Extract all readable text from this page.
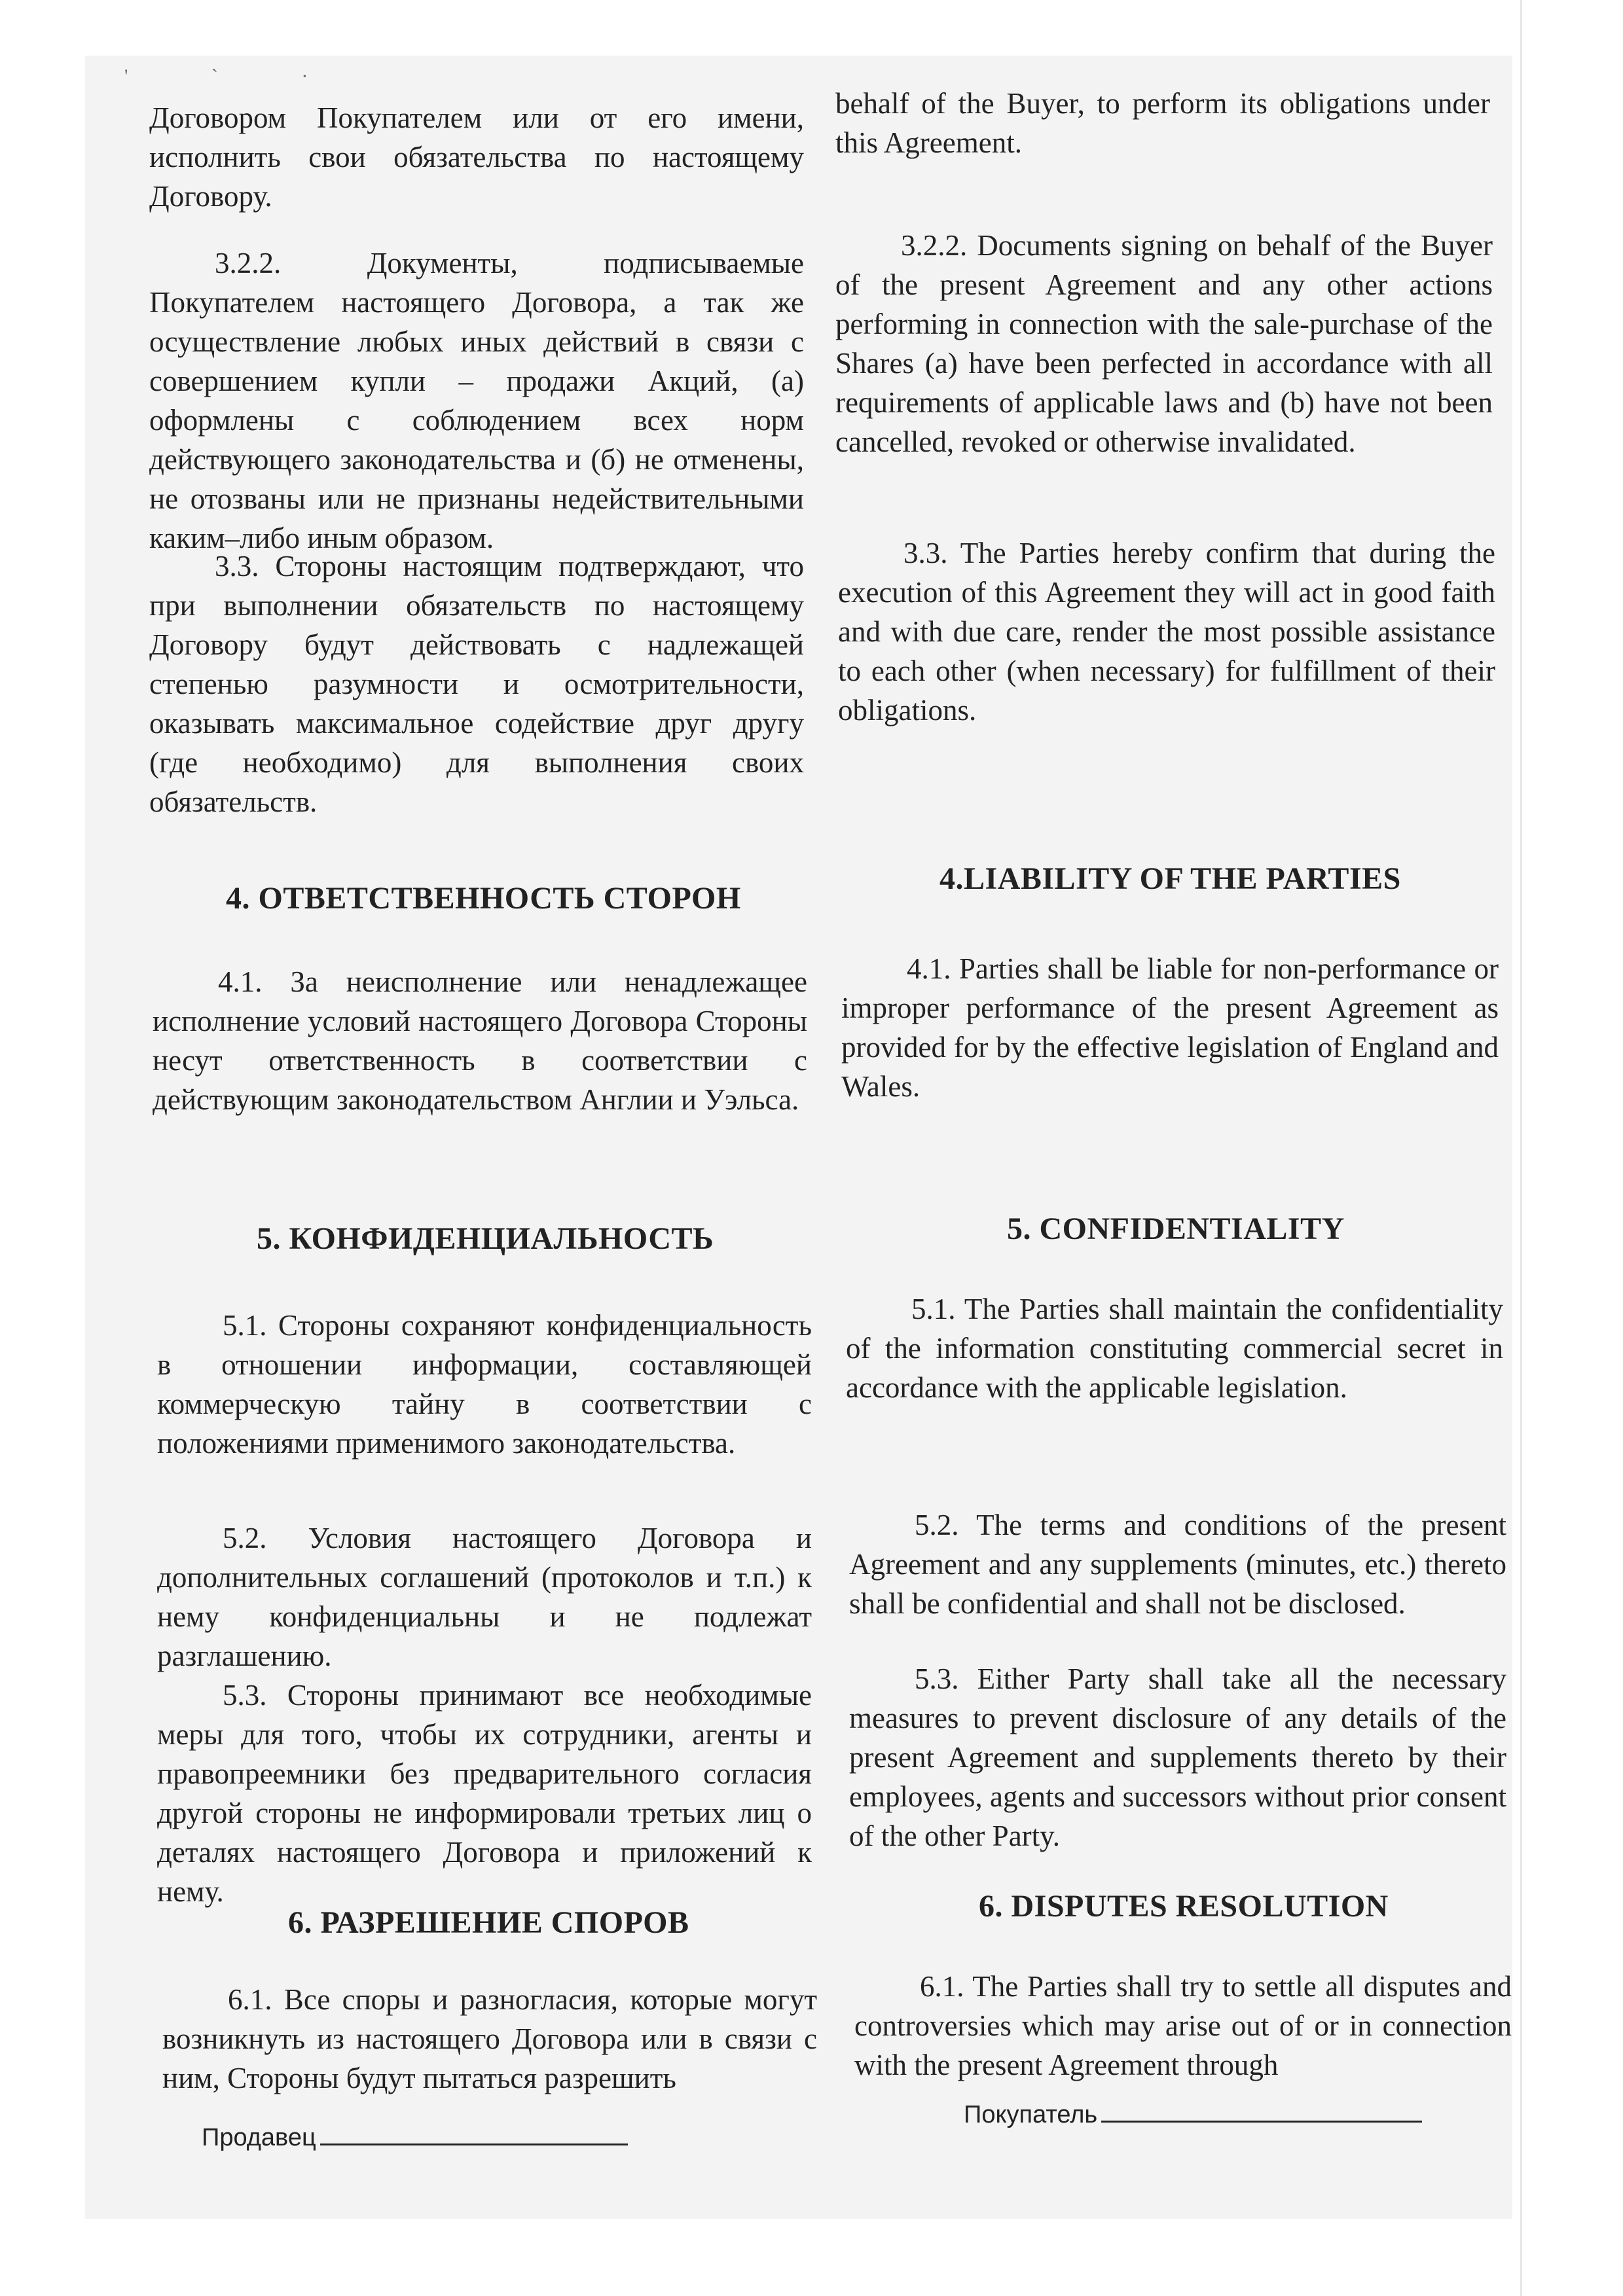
' ` ·

Договором Покупателем или от его имени, исполнить свои обязательства по настоящему Договору.

3.2.2. Документы, подписываемые Покупателем настоящего Договора, а так же осуществление любых иных действий в связи с совершением купли – продажи Акций, (а) оформлены с соблюдением всех норм действующего законодательства и (б) не отменены, не отозваны или не признаны недействительными каким–либо иным образом.

3.3. Стороны настоящим подтверждают, что при выполнении обязательств по настоящему Договору будут действовать с надлежащей степенью разумности и осмотрительности, оказывать максимальное содействие друг другу (где необходимо) для выполнения своих обязательств.

4. ОТВЕТСТВЕННОСТЬ СТОРОН

4.1. За неисполнение или ненадлежащее исполнение условий настоящего Договора Стороны несут ответственность в соответствии с действующим законодательством Англии и Уэльса.

5. КОНФИДЕНЦИАЛЬНОСТЬ

5.1. Стороны сохраняют конфиденциальность в отношении информации, составляющей коммерческую тайну в соответствии с положениями применимого законодательства.

5.2. Условия настоящего Договора и дополнительных соглашений (протоколов и т.п.) к нему конфиденциальны и не подлежат разглашению.

5.3. Стороны принимают все необходимые меры для того, чтобы их сотрудники, агенты и правопреемники без предварительного согласия другой стороны не информировали третьих лиц о деталях настоящего Договора и приложений к нему.

6. РАЗРЕШЕНИЕ СПОРОВ

6.1. Все споры и разногласия, которые могут возникнуть из настоящего Договора или в связи с ним, Стороны будут пытаться разрешить

Продавец

behalf of the Buyer, to perform its obligations under this Agreement.

3.2.2. Documents signing on behalf of the Buyer of the present Agreement and any other actions performing in connection with the sale-purchase of the Shares (a) have been perfected in accordance with all requirements of applicable laws and (b) have not been cancelled, revoked or otherwise invalidated.

3.3. The Parties hereby confirm that during the execution of this Agreement they will act in good faith and with due care, render the most possible assistance to each other (when necessary) for fulfillment of their obligations.

4.LIABILITY OF THE PARTIES

4.1. Parties shall be liable for non-performance or improper performance of the present Agreement as provided for by the effective legislation of England and Wales.

5. CONFIDENTIALITY

5.1. The Parties shall maintain the confidentiality of the information constituting commercial secret in accordance with the applicable legislation.

5.2. The terms and conditions of the present Agreement and any supplements (minutes, etc.) thereto shall be confidential and shall not be disclosed.

5.3. Either Party shall take all the necessary measures to prevent disclosure of any details of the present Agreement and supplements thereto by their employees, agents and successors without prior consent of the other Party.

6. DISPUTES RESOLUTION

6.1. The Parties shall try to settle all disputes and controversies which may arise out of or in connection with the present Agreement through

Покупатель
